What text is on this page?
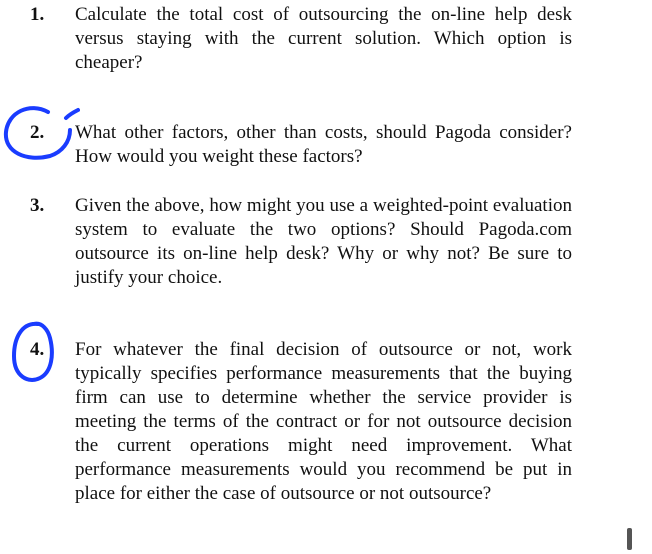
1.	Calculate the total cost of outsourcing the on-line help desk versus staying with the current solution. Which option is cheaper?
2.	What other factors, other than costs, should Pagoda consider? How would you weight these factors?
3.	Given the above, how might you use a weighted-point evaluation system to evaluate the two options? Should Pagoda.com outsource its on-line help desk? Why or why not? Be sure to justify your choice.
4.	For whatever the final decision of outsource or not, work typically specifies performance measurements that the buying firm can use to determine whether the service provider is meeting the terms of the contract or for not outsource decision the current operations might need improvement. What performance measurements would you recommend be put in place for either the case of outsource or not outsource?
